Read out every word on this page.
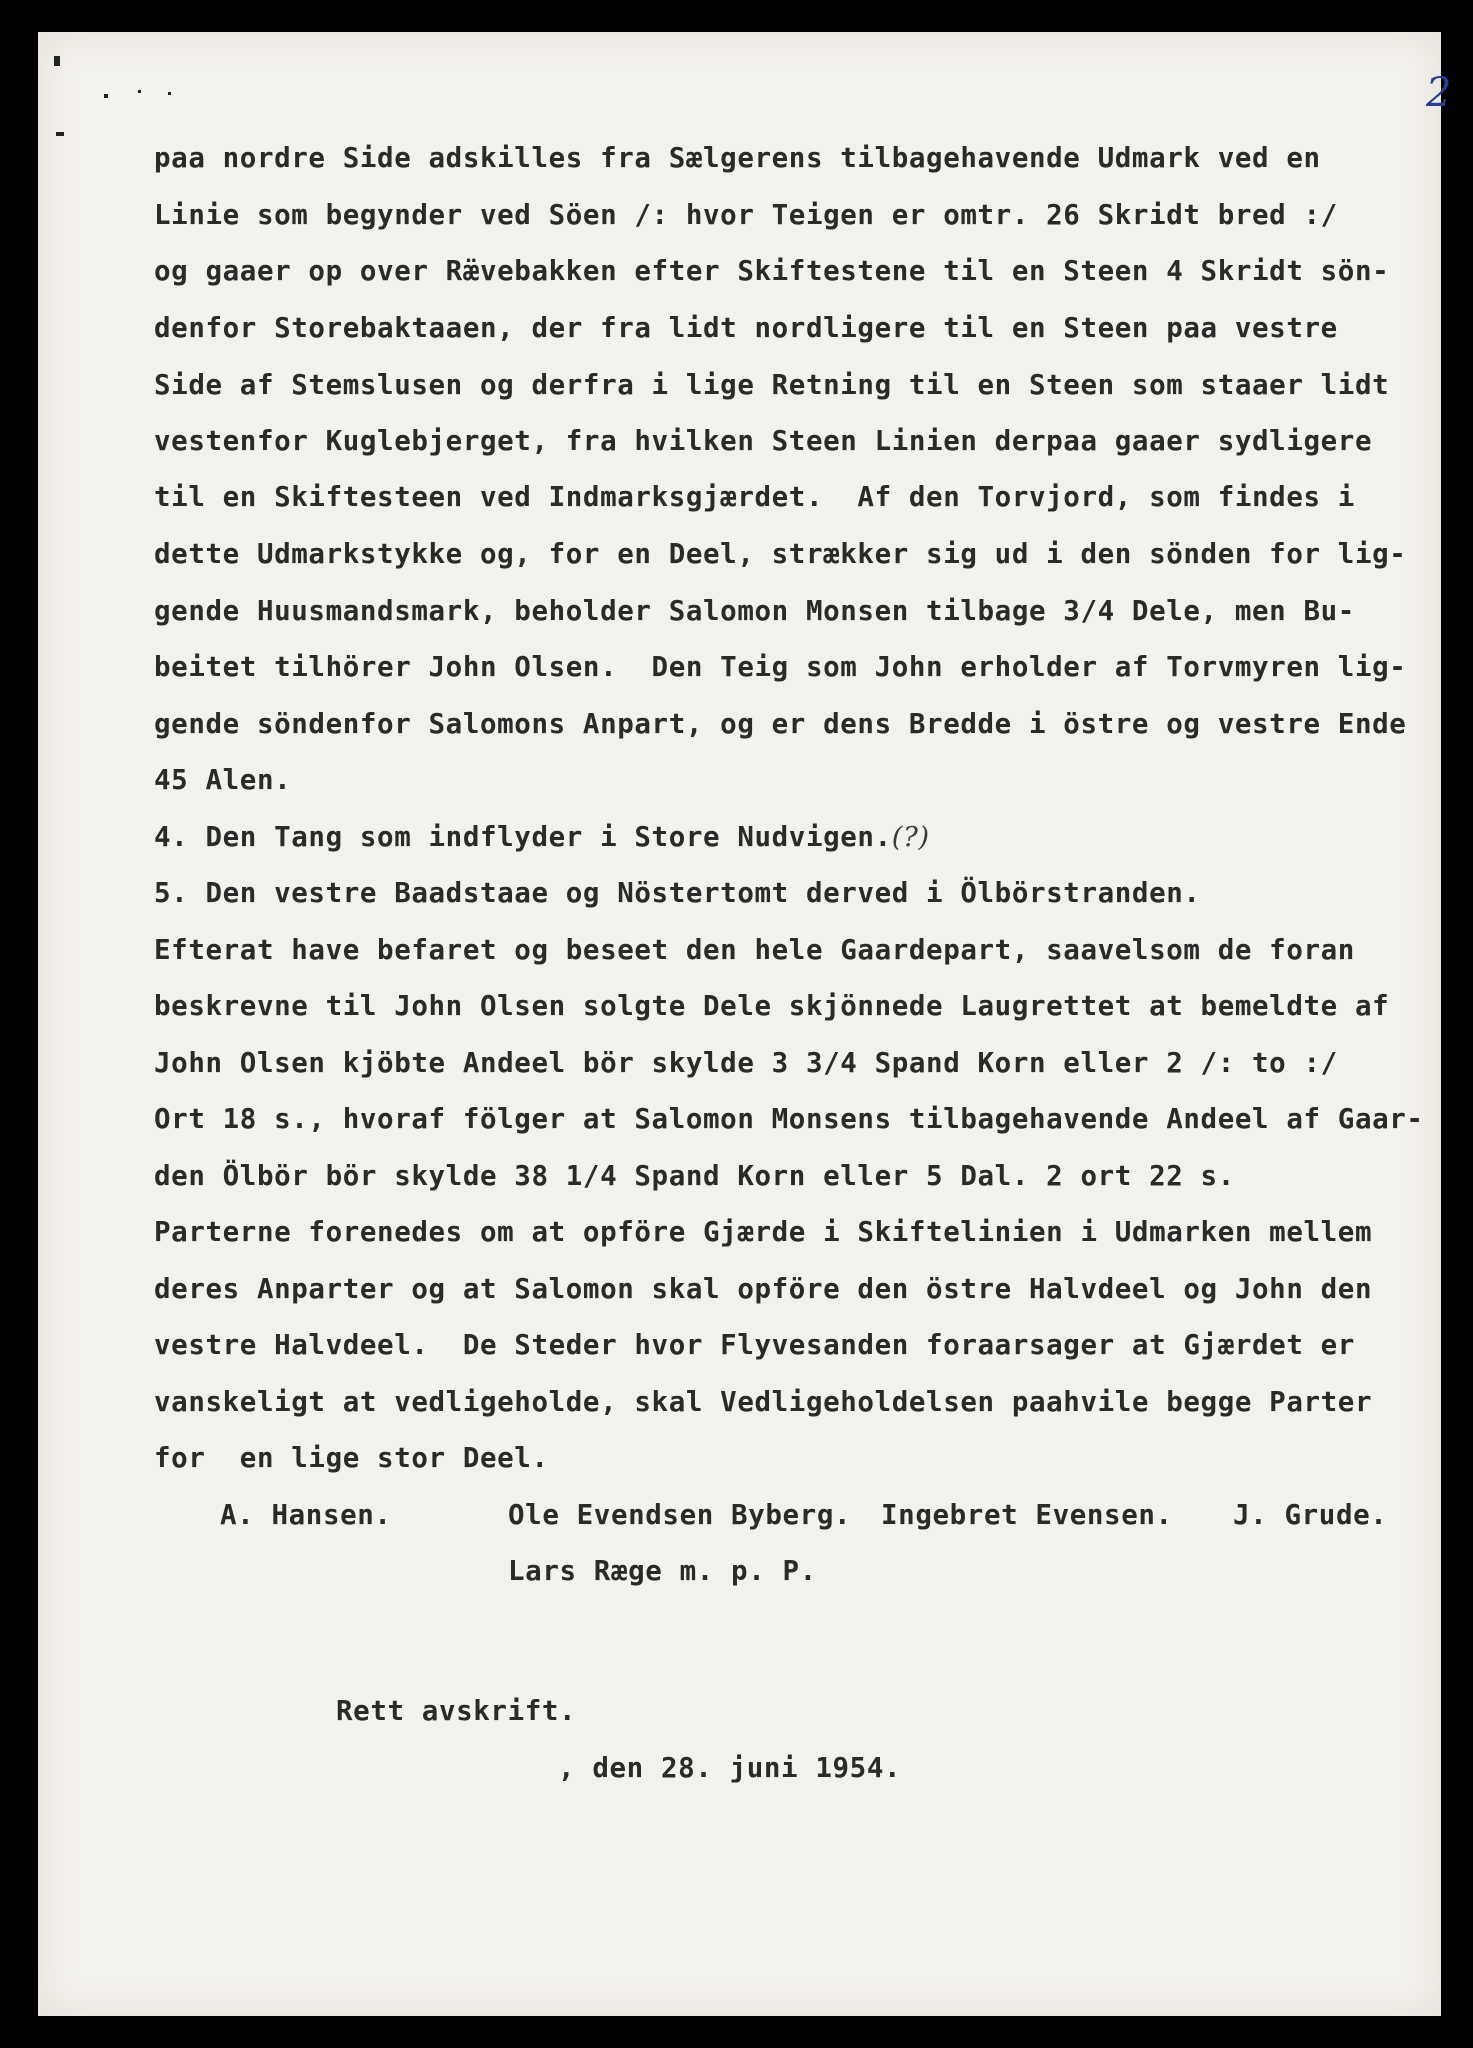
2

paa nordre Side adskilles fra Sælgerens tilbagehavende Udmark ved en

Linie som begynder ved Söen /: hvor Teigen er omtr. 26 Skridt bred :/

og gaaer op over Ræ̈vebakken efter Skiftestene til en Steen 4 Skridt sön-

denfor Storebaktaaen, der fra lidt nordligere til en Steen paa vestre

Side af Stemslusen og derfra i lige Retning til en Steen som staaer lidt

vestenfor Kuglebjerget, fra hvilken Steen Linien derpaa gaaer sydligere

til en Skiftesteen ved Indmarksgjærdet.  Af den Torvjord, som findes i

dette Udmarkstykke og, for en Deel, strækker sig ud i den sönden for lig-

gende Huusmandsmark, beholder Salomon Monsen tilbage 3/4 Dele, men Bu-

beitet tilhörer John Olsen.  Den Teig som John erholder af Torvmyren lig-

gende söndenfor Salomons Anpart, og er dens Bredde i östre og vestre Ende

45 Alen.

4. Den Tang som indflyder i Store Nudvigen.(?)

5. Den vestre Baadstaae og Nöstertomt derved i Ölbörstranden.

Efterat have befaret og beseet den hele Gaardepart, saavelsom de foran

beskrevne til John Olsen solgte Dele skjönnede Laugrettet at bemeldte af

John Olsen kjöbte Andeel bör skylde 3 3/4 Spand Korn eller 2 /: to :/

Ort 18 s., hvoraf fölger at Salomon Monsens tilbagehavende Andeel af Gaar-

den Ölbör bör skylde 38 1/4 Spand Korn eller 5 Dal. 2 ort 22 s.

Parterne forenedes om at opföre Gjærde i Skiftelinien i Udmarken mellem

deres Anparter og at Salomon skal opföre den östre Halvdeel og John den

vestre Halvdeel.  De Steder hvor Flyvesanden foraarsager at Gjærdet er

vanskeligt at vedligeholde, skal Vedligeholdelsen paahvile begge Parter

for  en lige stor Deel.

A. Hansen.	Ole Evendsen Byberg. Ingebret Evensen. J. Grude.

Lars Ræge m. p. P.

Rett avskrift.

, den 28. juni 1954.
